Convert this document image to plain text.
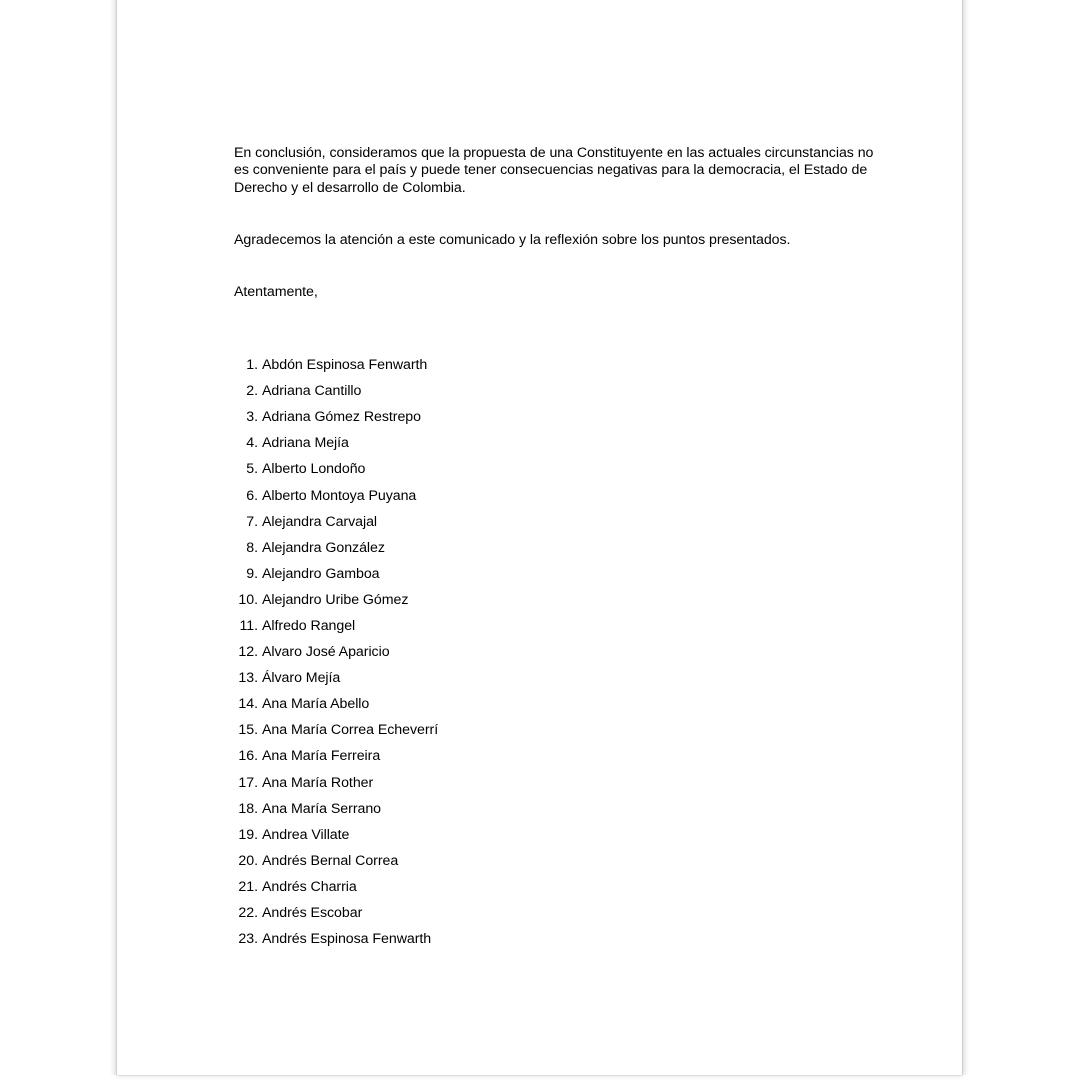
En conclusión, consideramos que la propuesta de una Constituyente en las actuales circunstancias no es conveniente para el país y puede tener consecuencias negativas para la democracia, el Estado de Derecho y el desarrollo de Colombia.

Agradecemos la atención a este comunicado y la reflexión sobre los puntos presentados.

Atentamente,

1. Abdón Espinosa Fenwarth
2. Adriana Cantillo
3. Adriana Gómez Restrepo
4. Adriana Mejía
5. Alberto Londoño
6. Alberto Montoya Puyana
7. Alejandra Carvajal
8. Alejandra González
9. Alejandro Gamboa
10. Alejandro Uribe Gómez
11. Alfredo Rangel
12. Alvaro José Aparicio
13. Álvaro Mejía
14. Ana María Abello
15. Ana María Correa Echeverrí
16. Ana María Ferreira
17. Ana María Rother
18. Ana María Serrano
19. Andrea Villate
20. Andrés Bernal Correa
21. Andrés Charria
22. Andrés Escobar
23. Andrés Espinosa Fenwarth
